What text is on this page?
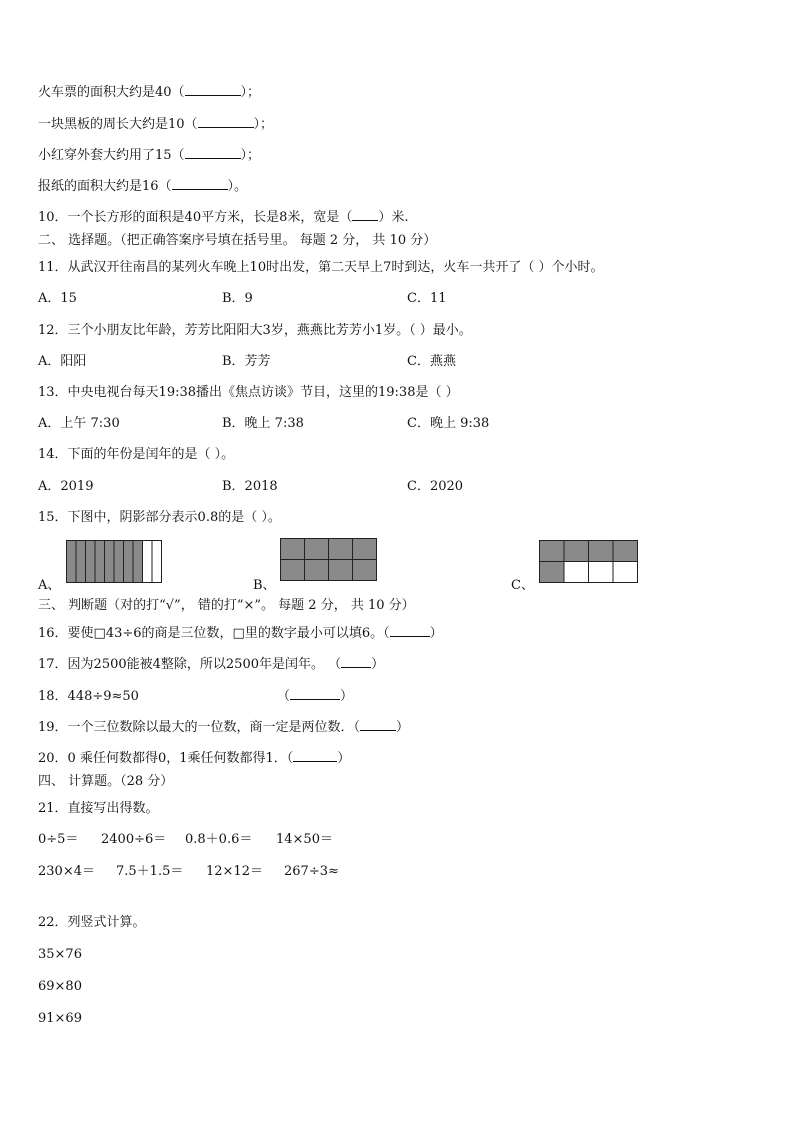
火车票的面积大约是40（	）；
一块黑板的周长大约是10（	）；
小红穿外套大约用了15（	）；
报纸的面积大约是16（	）。
10．一个长方形的面积是40平方米，长是8米，宽是（ ）米.
二、 选择题。（把正确答案序号填在括号里。 每题 2 分， 共 10 分）
11．从武汉开往南昌的某列火车晚上10时出发，第二天早上7时到达，火车一共开了（ ）个小时。
A．15	B．9	C．11
12．三个小朋友比年龄，芳芳比阳阳大3岁，燕燕比芳芳小1岁。（ ）最小。
A．阳阳	B．芳芳	C．燕燕
13．中央电视台每天19:38播出《焦点访谈》节目，这里的19:38是（ ）
A．上午 7:30	B．晚上 7:38	C．晚上 9:38
14．下面的年份是闰年的是（ ）。
A．2019	B．2018	C．2020
15．下图中，阴影部分表示0.8的是（ ）。
A、	B、	C、
三、 判断题（对的打“√”， 错的打“×”。 每题 2 分， 共 10 分）
16．要使□43÷6的商是三位数，□里的数字最小可以填6。（	）
17．因为2500能被4整除，所以2500年是闰年。 （ ）
18．448÷9≈50	（	）
19．一个三位数除以最大的一位数，商一定是两位数．（	）
20．0 乘任何数都得0，1乘任何数都得1．（	）
四、 计算题。（28 分）
21．直接写出得数。
0÷5＝ 2400÷6＝ 0.8＋0.6＝ 14×50＝
230×4＝ 7.5＋1.5＝ 12×12＝ 267÷3≈
22．列竖式计算。
35×76
69×80
91×69
